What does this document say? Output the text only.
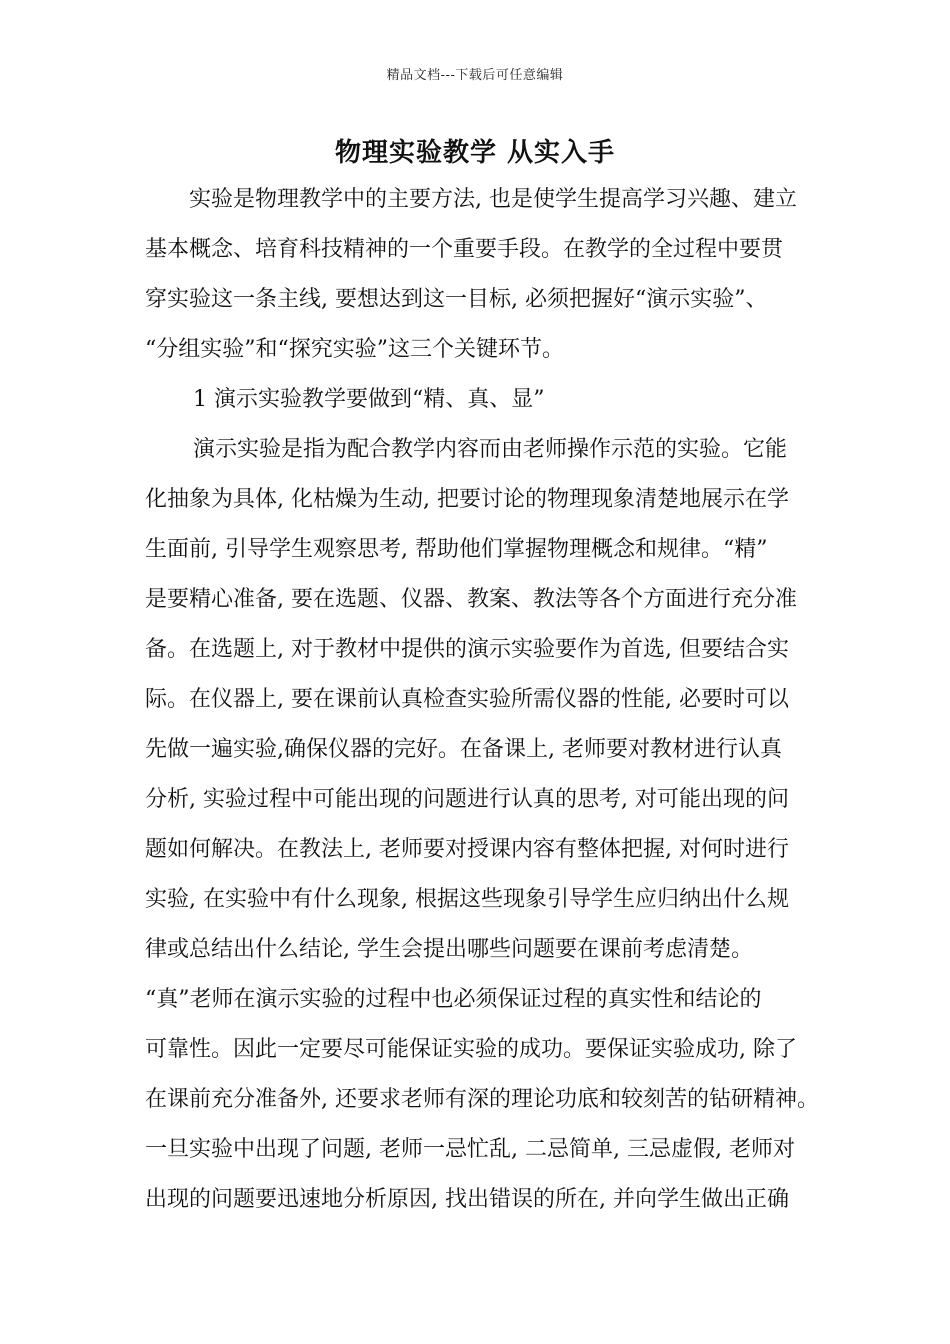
精品文档---下载后可任意编辑
物理实验教学 从实入手
实验是物理教学中的主要方法, 也是使学生提高学习兴趣、建立
基本概念、培育科技精神的一个重要手段。在教学的全过程中要贯
穿实验这一条主线, 要想达到这一目标, 必须把握好“演示实验”、
“分组实验”和“探究实验”这三个关键环节。
1 演示实验教学要做到“精、真、显”
演示实验是指为配合教学内容而由老师操作示范的实验。它能
化抽象为具体, 化枯燥为生动, 把要讨论的物理现象清楚地展示在学
生面前, 引导学生观察思考, 帮助他们掌握物理概念和规律。“精”
是要精心准备, 要在选题、仪器、教案、教法等各个方面进行充分准
备。在选题上, 对于教材中提供的演示实验要作为首选, 但要结合实
际。在仪器上, 要在课前认真检查实验所需仪器的性能, 必要时可以
先做一遍实验,确保仪器的完好。在备课上, 老师要对教材进行认真
分析, 实验过程中可能出现的问题进行认真的思考, 对可能出现的问
题如何解决。在教法上, 老师要对授课内容有整体把握, 对何时进行
实验, 在实验中有什么现象, 根据这些现象引导学生应归纳出什么规
律或总结出什么结论, 学生会提出哪些问题要在课前考虑清楚。
“真”老师在演示实验的过程中也必须保证过程的真实性和结论的
可靠性。因此一定要尽可能保证实验的成功。要保证实验成功, 除了
在课前充分准备外, 还要求老师有深的理论功底和较刻苦的钻研精神。
一旦实验中出现了问题, 老师一忌忙乱, 二忌简单, 三忌虚假, 老师对
出现的问题要迅速地分析原因, 找出错误的所在, 并向学生做出正确
